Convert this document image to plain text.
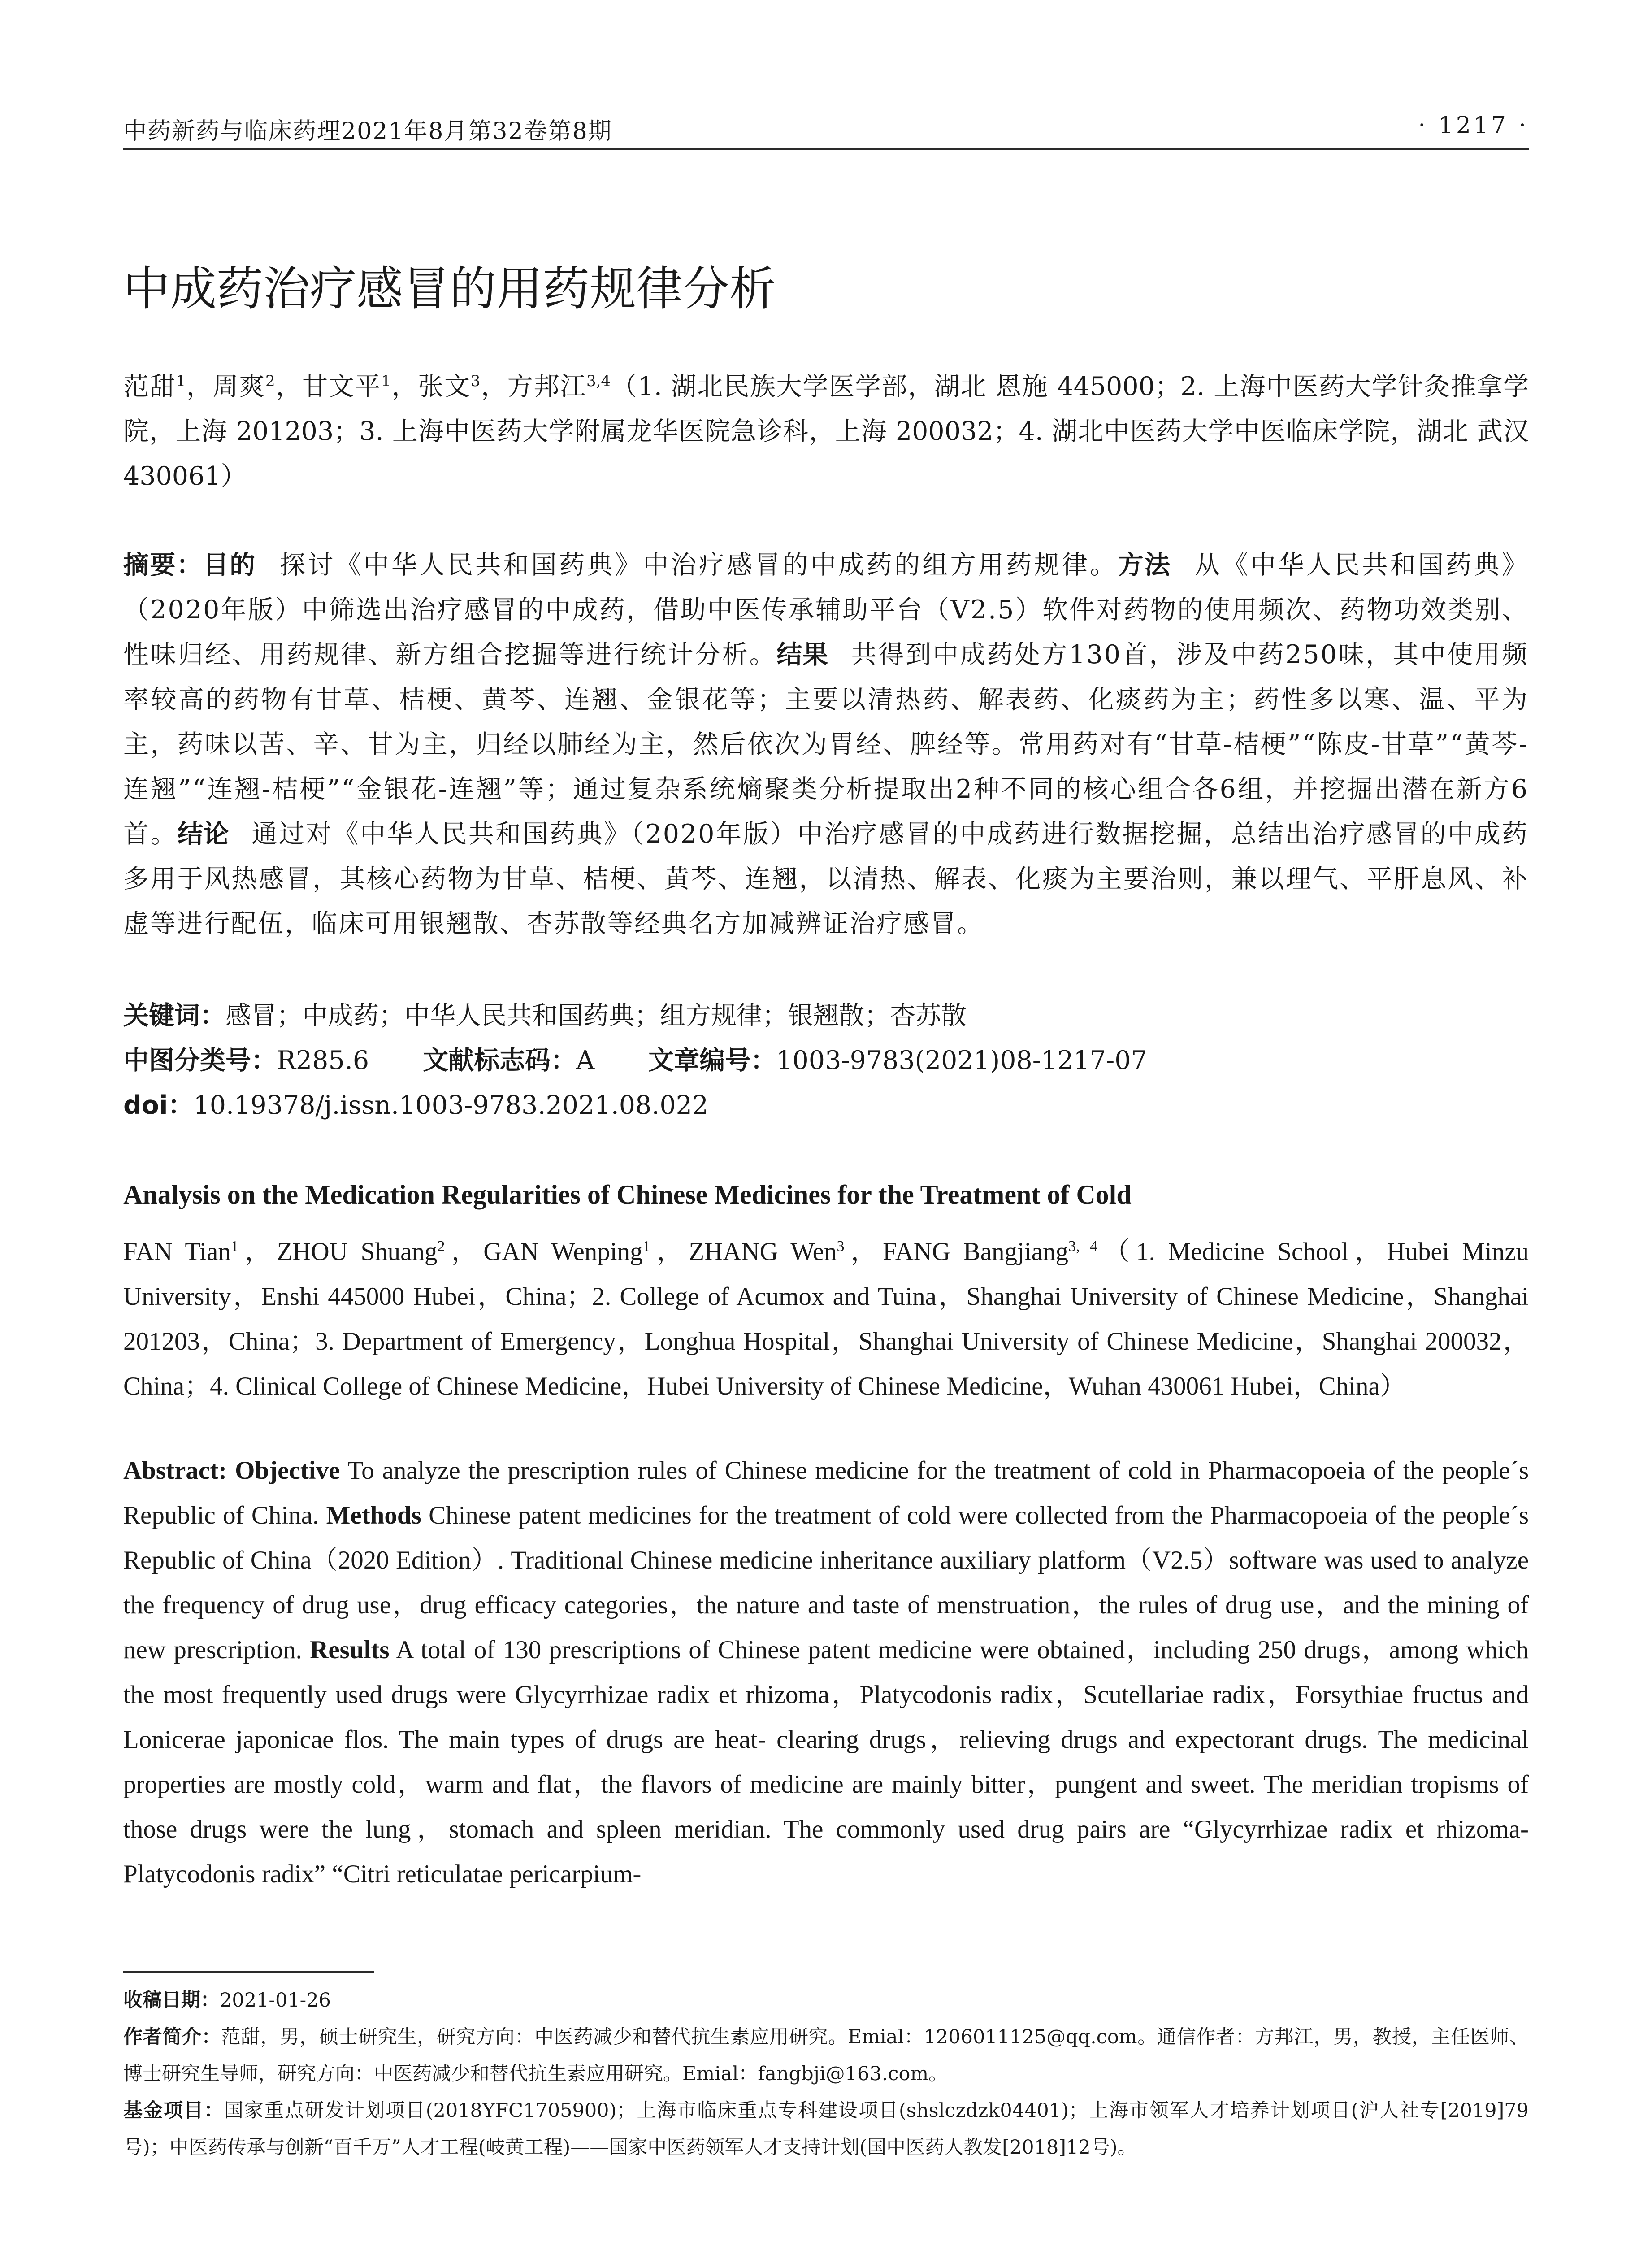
中药新药与临床药理2021年8月第32卷第8期	· 1217 ·
中成药治疗感冒的用药规律分析
范甜$^1$，周爽$^2$，甘文平$^1$，张文$^3$，方邦江$^{3,4}$（1. 湖北民族大学医学部，湖北 恩施 445000；2. 上海中医药大学针灸推拿学院，上海 201203；3. 上海中医药大学附属龙华医院急诊科，上海 200032；4. 湖北中医药大学中医临床学院，湖北 武汉 430061）
摘要：目的 探讨《中华人民共和国药典》中治疗感冒的中成药的组方用药规律。方法 从《中华人民共和国药典》（2020年版）中筛选出治疗感冒的中成药，借助中医传承辅助平台（V2.5）软件对药物的使用频次、药物功效类别、性味归经、用药规律、新方组合挖掘等进行统计分析。结果 共得到中成药处方130首，涉及中药250味，其中使用频率较高的药物有甘草、桔梗、黄芩、连翘、金银花等；主要以清热药、解表药、化痰药为主；药性多以寒、温、平为主，药味以苦、辛、甘为主，归经以肺经为主，然后依次为胃经、脾经等。常用药对有“甘草-桔梗”“陈皮-甘草”“黄芩-连翘”“连翘-桔梗”“金银花-连翘”等；通过复杂系统熵聚类分析提取出2种不同的核心组合各6组，并挖掘出潜在新方6首。结论 通过对《中华人民共和国药典》（2020年版）中治疗感冒的中成药进行数据挖掘，总结出治疗感冒的中成药多用于风热感冒，其核心药物为甘草、桔梗、黄芩、连翘，以清热、解表、化痰为主要治则，兼以理气、平肝息风、补虚等进行配伍，临床可用银翘散、杏苏散等经典名方加减辨证治疗感冒。
关键词：感冒；中成药；中华人民共和国药典；组方规律；银翘散；杏苏散
中图分类号：R285.6 文献标志码：A 文章编号：1003-9783(2021)08-1217-07
doi：10.19378/j.issn.1003-9783.2021.08.022
Analysis on the Medication Regularities of Chinese Medicines for the Treatment of Cold
FAN Tian$^1$，ZHOU Shuang$^2$，GAN Wenping$^1$，ZHANG Wen$^3$，FANG Bangjiang$^{3, 4}$（1. Medicine School，Hubei Minzu University，Enshi 445000 Hubei，China；2. College of Acumox and Tuina，Shanghai University of Chinese Medicine，Shanghai 201203，China；3. Department of Emergency，Longhua Hospital，Shanghai University of Chinese Medicine，Shanghai 200032，China；4. Clinical College of Chinese Medicine，Hubei University of Chinese Medicine，Wuhan 430061 Hubei，China）
Abstract: Objective To analyze the prescription rules of Chinese medicine for the treatment of cold in Pharmacopoeia of the people´s Republic of China. Methods Chinese patent medicines for the treatment of cold were collected from the Pharmacopoeia of the people´s Republic of China（2020 Edition）. Traditional Chinese medicine inheritance auxiliary platform（V2.5）software was used to analyze the frequency of drug use，drug efficacy categories，the nature and taste of menstruation，the rules of drug use，and the mining of new prescription. Results A total of 130 prescriptions of Chinese patent medicine were obtained，including 250 drugs，among which the most frequently used drugs were Glycyrrhizae radix et rhizoma，Platycodonis radix，Scutellariae radix，Forsythiae fructus and Lonicerae japonicae flos. The main types of drugs are heat- clearing drugs，relieving drugs and expectorant drugs. The medicinal properties are mostly cold，warm and flat，the flavors of medicine are mainly bitter，pungent and sweet. The meridian tropisms of those drugs were the lung，stomach and spleen meridian. The commonly used drug pairs are “Glycyrrhizae radix et rhizoma- Platycodonis radix” “Citri reticulatae pericarpium-

收稿日期：2021-01-26

作者简介：范甜，男，硕士研究生，研究方向：中医药减少和替代抗生素应用研究。Emial：1206011125@qq.com。通信作者：方邦江，男，教授，主任医师、博士研究生导师，研究方向：中医药减少和替代抗生素应用研究。Emial：fangbji@163.com。

基金项目：国家重点研发计划项目(2018YFC1705900)；上海市临床重点专科建设项目(shslczdzk04401)；上海市领军人才培养计划项目(沪人社专[2019]79号)；中医药传承与创新“百千万”人才工程(岐黄工程)——国家中医药领军人才支持计划(国中医药人教发[2018]12号)。
